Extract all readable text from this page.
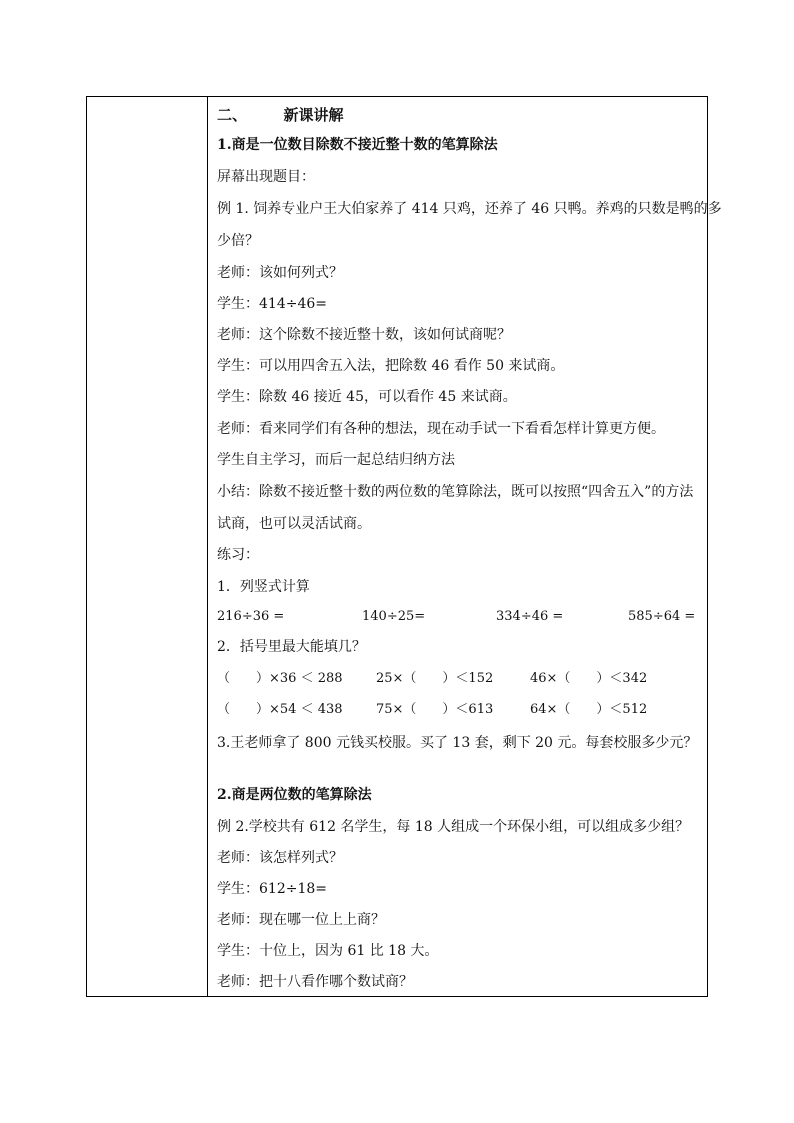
二、 新课讲解
1.商是一位数目除数不接近整十数的笔算除法
屏幕出现题目：
例 1. 饲养专业户王大伯家养了 414 只鸡，还养了 46 只鸭。养鸡的只数是鸭的多
少倍？
老师：该如何列式？
学生：414÷46=
老师：这个除数不接近整十数，该如何试商呢？
学生：可以用四舍五入法，把除数 46 看作 50 来试商。
学生：除数 46 接近 45，可以看作 45 来试商。
老师：看来同学们有各种的想法，现在动手试一下看看怎样计算更方便。
学生自主学习，而后一起总结归纳方法
小结：除数不接近整十数的两位数的笔算除法，既可以按照“四舍五入”的方法
试商，也可以灵活试商。
练习：
1．列竖式计算
216÷36 =	140÷25=	334÷46 =	585÷64 =
2．括号里最大能填几？
（　　）×36 ＜ 288	25×（　　）＜152	46×（　　）＜342
（　　）×54 ＜ 438	75×（　　）＜613	64×（　　）＜512
3.王老师拿了 800 元钱买校服。买了 13 套，剩下 20 元。每套校服多少元？
2.商是两位数的笔算除法
例 2.学校共有 612 名学生，每 18 人组成一个环保小组，可以组成多少组？
老师：该怎样列式？
学生：612÷18=
老师：现在哪一位上上商？
学生：十位上，因为 61 比 18 大。
老师：把十八看作哪个数试商？
